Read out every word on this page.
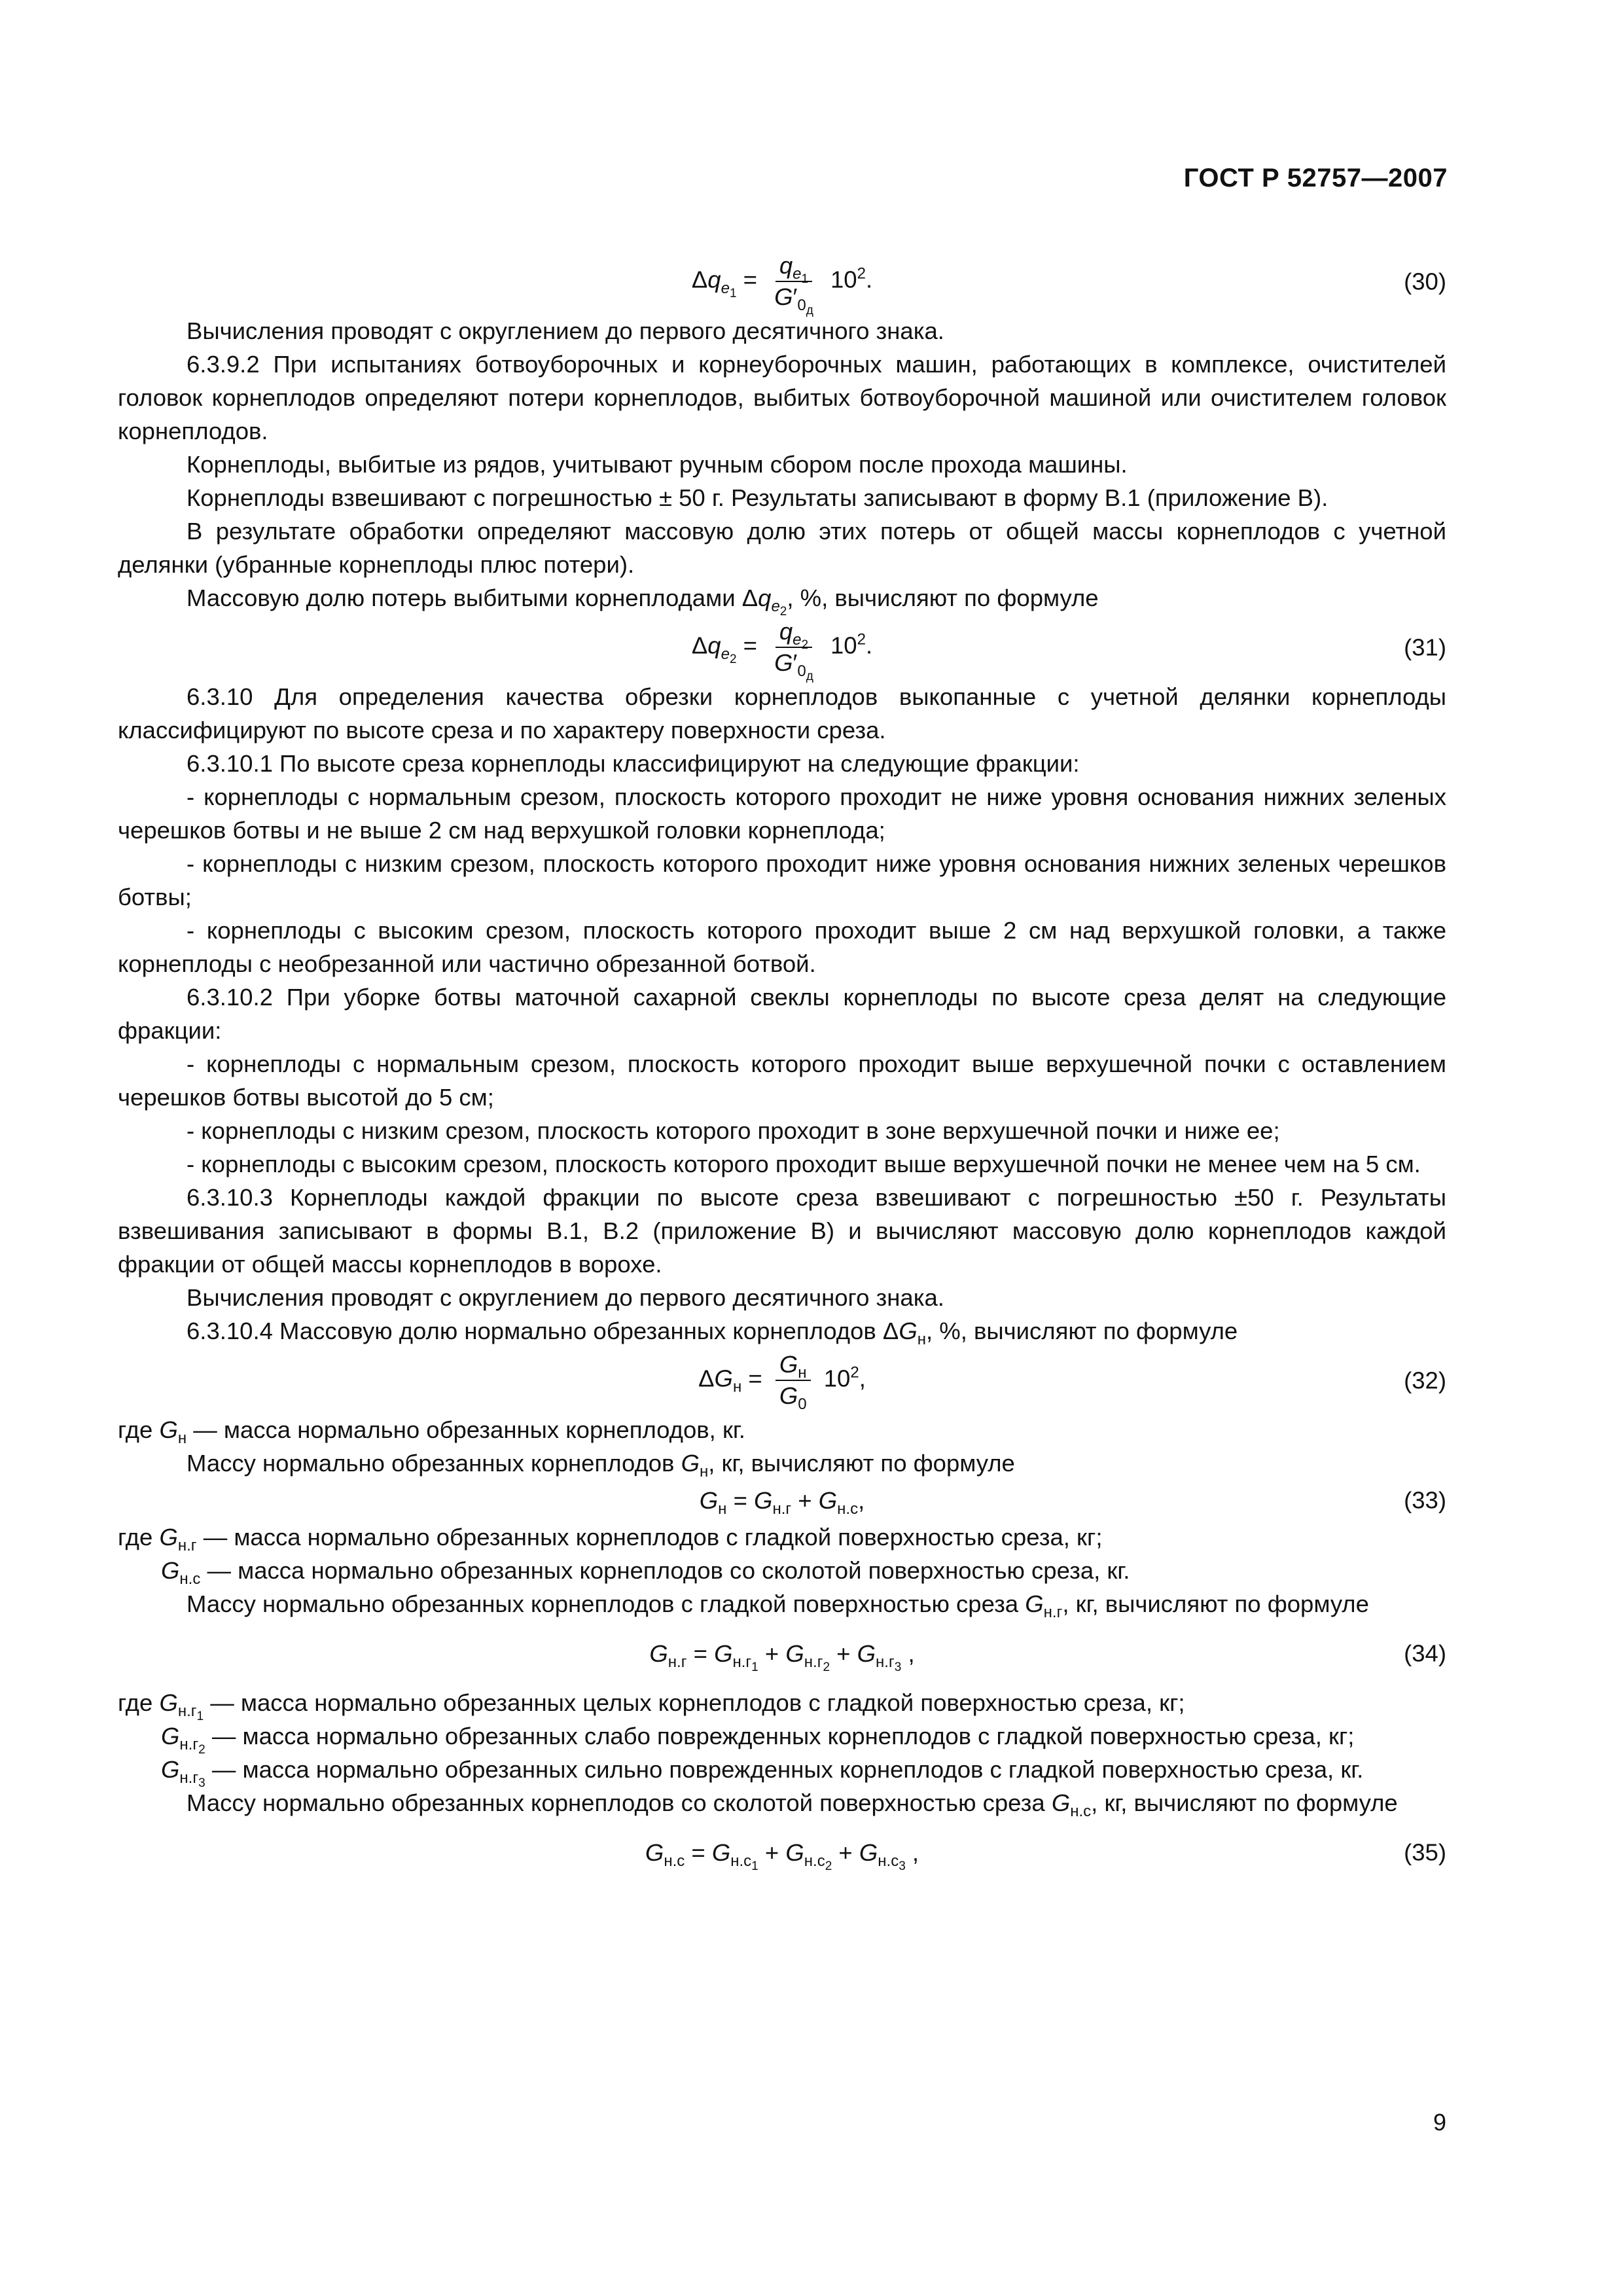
ГОСТ Р 52757—2007
$\Delta q_{e_1} = \frac{q_{e_1}}{G'_{0_д}} 10^2$.	(30)

Вычисления проводят с округлением до первого десятичного знака.

6.3.9.2 При испытаниях ботвоуборочных и корнеуборочных машин, работающих в комплексе, очистителей головок корнеплодов определяют потери корнеплодов, выбитых ботвоуборочной машиной или очистителем головок корнеплодов.

Корнеплоды, выбитые из рядов, учитывают ручным сбором после прохода машины.

Корнеплоды взвешивают с погрешностью ± 50 г. Результаты записывают в форму В.1 (приложение В).

В результате обработки определяют массовую долю этих потерь от общей массы корнеплодов с учетной делянки (убранные корнеплоды плюс потери).

Массовую долю потерь выбитыми корнеплодами $\Delta q_{e_2}$, %, вычисляют по формуле

$\Delta q_{e_2} = \frac{q_{e_2}}{G'_{0_д}} 10^2$.	(31)

6.3.10 Для определения качества обрезки корнеплодов выкопанные с учетной делянки корнеплоды классифицируют по высоте среза и по характеру поверхности среза.

6.3.10.1 По высоте среза корнеплоды классифицируют на следующие фракции:

- корнеплоды с нормальным срезом, плоскость которого проходит не ниже уровня основания нижних зеленых черешков ботвы и не выше 2 см над верхушкой головки корнеплода;

- корнеплоды с низким срезом, плоскость которого проходит ниже уровня основания нижних зеленых черешков ботвы;

- корнеплоды с высоким срезом, плоскость которого проходит выше 2 см над верхушкой головки, а также корнеплоды с необрезанной или частично обрезанной ботвой.

6.3.10.2 При уборке ботвы маточной сахарной свеклы корнеплоды по высоте среза делят на следующие фракции:

- корнеплоды с нормальным срезом, плоскость которого проходит выше верхушечной почки с оставлением черешков ботвы высотой до 5 см;

- корнеплоды с низким срезом, плоскость которого проходит в зоне верхушечной почки и ниже ее;

- корнеплоды с высоким срезом, плоскость которого проходит выше верхушечной почки не менее чем на 5 см.

6.3.10.3 Корнеплоды каждой фракции по высоте среза взвешивают с погрешностью ±50 г. Результаты взвешивания записывают в формы В.1, В.2 (приложение В) и вычисляют массовую долю корнеплодов каждой фракции от общей массы корнеплодов в ворохе.

Вычисления проводят с округлением до первого десятичного знака.

6.3.10.4 Массовую долю нормально обрезанных корнеплодов $\Delta G_н$, %, вычисляют по формуле

$\Delta G_н = \frac{G_н}{G_0} 10^2$,	(32)

где $G_н$ — масса нормально обрезанных корнеплодов, кг.

Массу нормально обрезанных корнеплодов $G_н$, кг, вычисляют по формуле

$G_н = G_{н.г} + G_{н.с}$,	(33)

где $G_{н.г}$ — масса нормально обрезанных корнеплодов с гладкой поверхностью среза, кг;

$G_{н.с}$ — масса нормально обрезанных корнеплодов со сколотой поверхностью среза, кг.

Массу нормально обрезанных корнеплодов с гладкой поверхностью среза $G_{н.г}$, кг, вычисляют по формуле

$G_{н.г} = G_{н.г_1} + G_{н.г_2} + G_{н.г_3}$ ,	(34)
где $G_{н.г_1}$
— масса нормально обрезанных целых корнеплодов с гладкой поверхностью среза, кг;
$G_{н.г_2}$
— масса нормально обрезанных слабо поврежденных корнеплодов с гладкой поверхностью среза, кг;
$G_{н.г_3}$
— масса нормально обрезанных сильно поврежденных корнеплодов с гладкой поверхностью среза, кг.

Массу нормально обрезанных корнеплодов со сколотой поверхностью среза $G_{н.с}$, кг, вычисляют по формуле

$G_{н.с} = G_{н.с_1} + G_{н.с_2} + G_{н.с_3}$ ,	(35)
9
